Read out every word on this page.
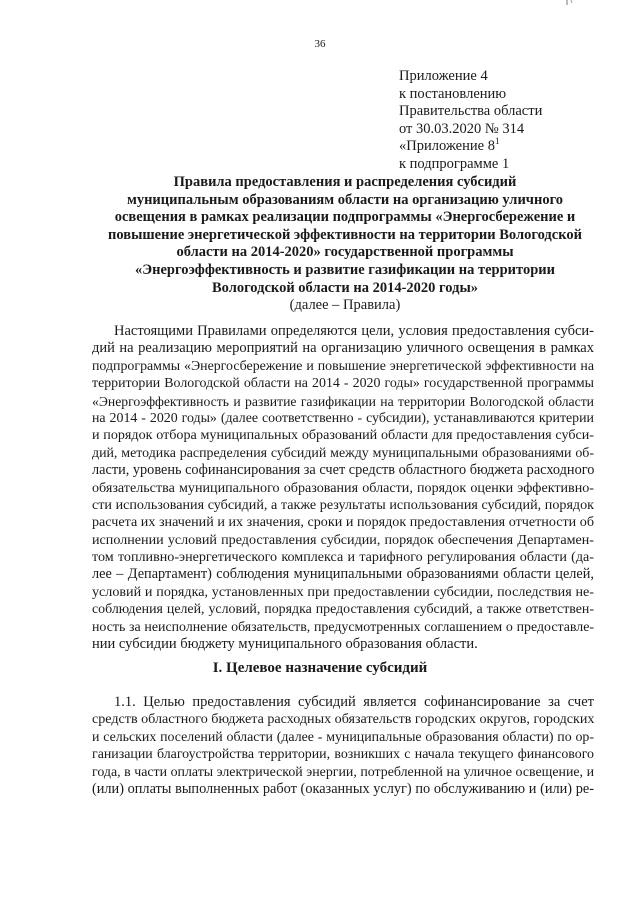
36
Приложение 4
к постановлению
Правительства области
от 30.03.2020 № 314
«Приложение $8^1$
к подпрограмме 1
Правила предоставления и распределения субсидий
муниципальным образованиям области на организацию уличного
освещения в рамках реализации подпрограммы «Энергосбережение и
повышение энергетической эффективности на территории Вологодской
области на 2014-2020» государственной программы
«Энергоэффективность и развитие газификации на территории
Вологодской области на 2014-2020 годы»
(далее – Правила)
Настоящими Правилами определяются цели, условия предоставления субси-
дий на реализацию мероприятий на организацию уличного освещения в рамках
подпрограммы «Энергосбережение и повышение энергетической эффективности на
территории Вологодской области на 2014 - 2020 годы» государственной программы
«Энергоэффективность и развитие газификации на территории Вологодской области
на 2014 - 2020 годы» (далее соответственно - субсидии), устанавливаются критерии
и порядок отбора муниципальных образований области для предоставления субси-
дий, методика распределения субсидий между муниципальными образованиями об-
ласти, уровень софинансирования за счет средств областного бюджета расходного
обязательства муниципального образования области, порядок оценки эффективно-
сти использования субсидий, а также результаты использования субсидий, порядок
расчета их значений и их значения, сроки и порядок предоставления отчетности об
исполнении условий предоставления субсидии, порядок обеспечения Департамен-
том топливно-энергетического комплекса и тарифного регулирования области (да-
лее – Департамент) соблюдения муниципальными образованиями области целей,
условий и порядка, установленных при предоставлении субсидии, последствия не-
соблюдения целей, условий, порядка предоставления субсидий, а также ответствен-
ность за неисполнение обязательств, предусмотренных соглашением о предоставле-
нии субсидии бюджету муниципального образования области.
I. Целевое назначение субсидий
1.1. Целью предоставления субсидий является софинансирование за счет
средств областного бюджета расходных обязательств городских округов, городских
и сельских поселений области (далее - муниципальные образования области) по ор-
ганизации благоустройства территории, возникших с начала текущего финансового
года, в части оплаты электрической энергии, потребленной на уличное освещение, и
(или) оплаты выполненных работ (оказанных услуг) по обслуживанию и (или) ре-
